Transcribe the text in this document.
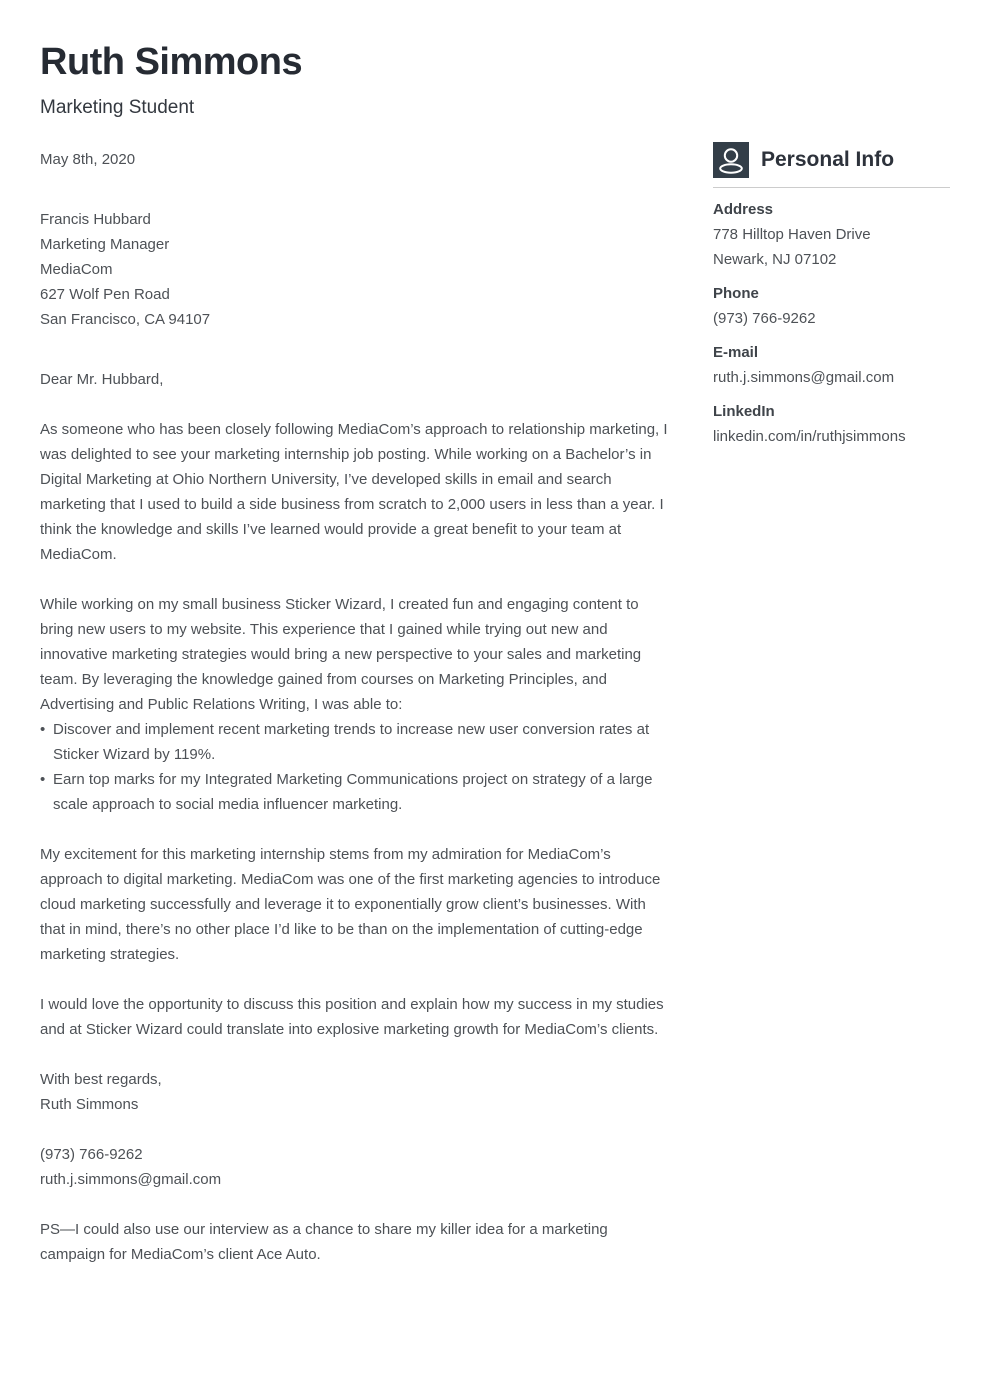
Ruth Simmons
Marketing Student
May 8th, 2020
Francis Hubbard
Marketing Manager
MediaCom
627 Wolf Pen Road
San Francisco, CA 94107

Dear Mr. Hubbard,

As someone who has been closely following MediaCom’s approach to relationship marketing, I was delighted to see your marketing internship job posting. While working on a Bachelor’s in Digital Marketing at Ohio Northern University, I’ve developed skills in email and search marketing that I used to build a side business from scratch to 2,000 users in less than a year. I think the knowledge and skills I’ve learned would provide a great benefit to your team at MediaCom.

While working on my small business Sticker Wizard, I created fun and engaging content to bring new users to my website. This experience that I gained while trying out new and innovative marketing strategies would bring a new perspective to your sales and marketing team. By leveraging the knowledge gained from courses on Marketing Principles, and Advertising and Public Relations Writing, I was able to:

• Discover and implement recent marketing trends to increase new user conversion rates at Sticker Wizard by 119%.
• Earn top marks for my Integrated Marketing Communications project on strategy of a large scale approach to social media influencer marketing.

My excitement for this marketing internship stems from my admiration for MediaCom’s approach to digital marketing. MediaCom was one of the first marketing agencies to introduce cloud marketing successfully and leverage it to exponentially grow client’s businesses. With that in mind, there’s no other place I’d like to be than on the implementation of cutting-edge marketing strategies.

I would love the opportunity to discuss this position and explain how my success in my studies and at Sticker Wizard could translate into explosive marketing growth for MediaCom’s clients.

With best regards,
Ruth Simmons
(973) 766-9262
ruth.j.simmons@gmail.com

PS—I could also use our interview as a chance to share my killer idea for a marketing campaign for MediaCom’s client Ace Auto.

Personal Info
Address
778 Hilltop Haven Drive
Newark, NJ 07102
Phone
(973) 766-9262
E-mail
ruth.j.simmons@gmail.com
LinkedIn
linkedin.com/in/ruthjsimmons
